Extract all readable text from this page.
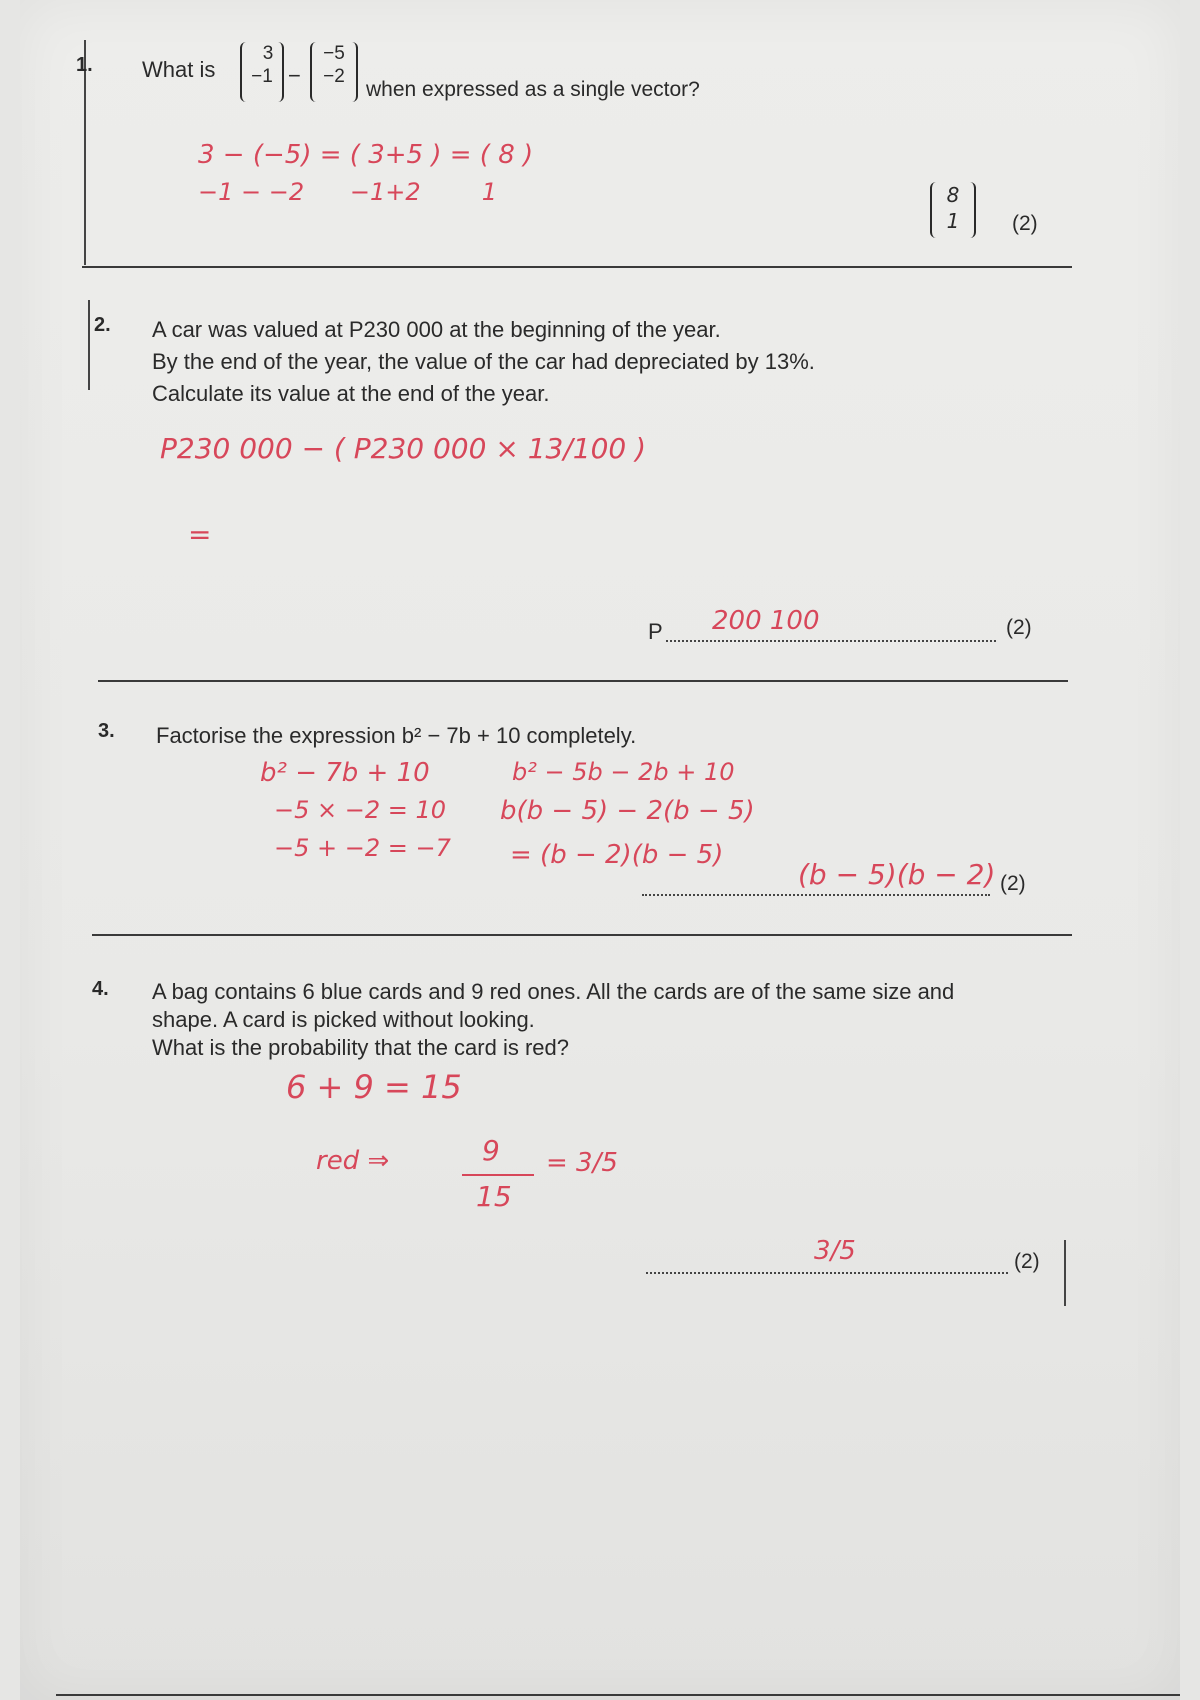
1. What is
3
−1 −
−5
−2
when expressed as a single vector?
3 − (−5) = ( 3+5 ) = ( 8 )
−1 − −2      −1+2        1	8
1	(2)
2. A car was valued at P230 000 at the beginning of the year.
By the end of the year, the value of the car had depreciated by 13%.
Calculate its value at the end of the year.
P230 000 − ( P230 000 × 13/100 )
=
P 200 100	(2)
3. Factorise the expression b² − 7b + 10 completely.
b² − 7b + 10
−5 × −2 = 10
−5 + −2 = −7
b² − 5b − 2b + 10
b(b − 5) − 2(b − 5)
= (b − 2)(b − 5)
(b − 5)(b − 2) (2)
4. A bag contains 6 blue cards and 9 red ones. All the cards are of the same size and
shape. A card is picked without looking.
What is the probability that the card is red?
6 + 9 = 15
red ⇒	9
15
= 3/5
3/5	(2)
